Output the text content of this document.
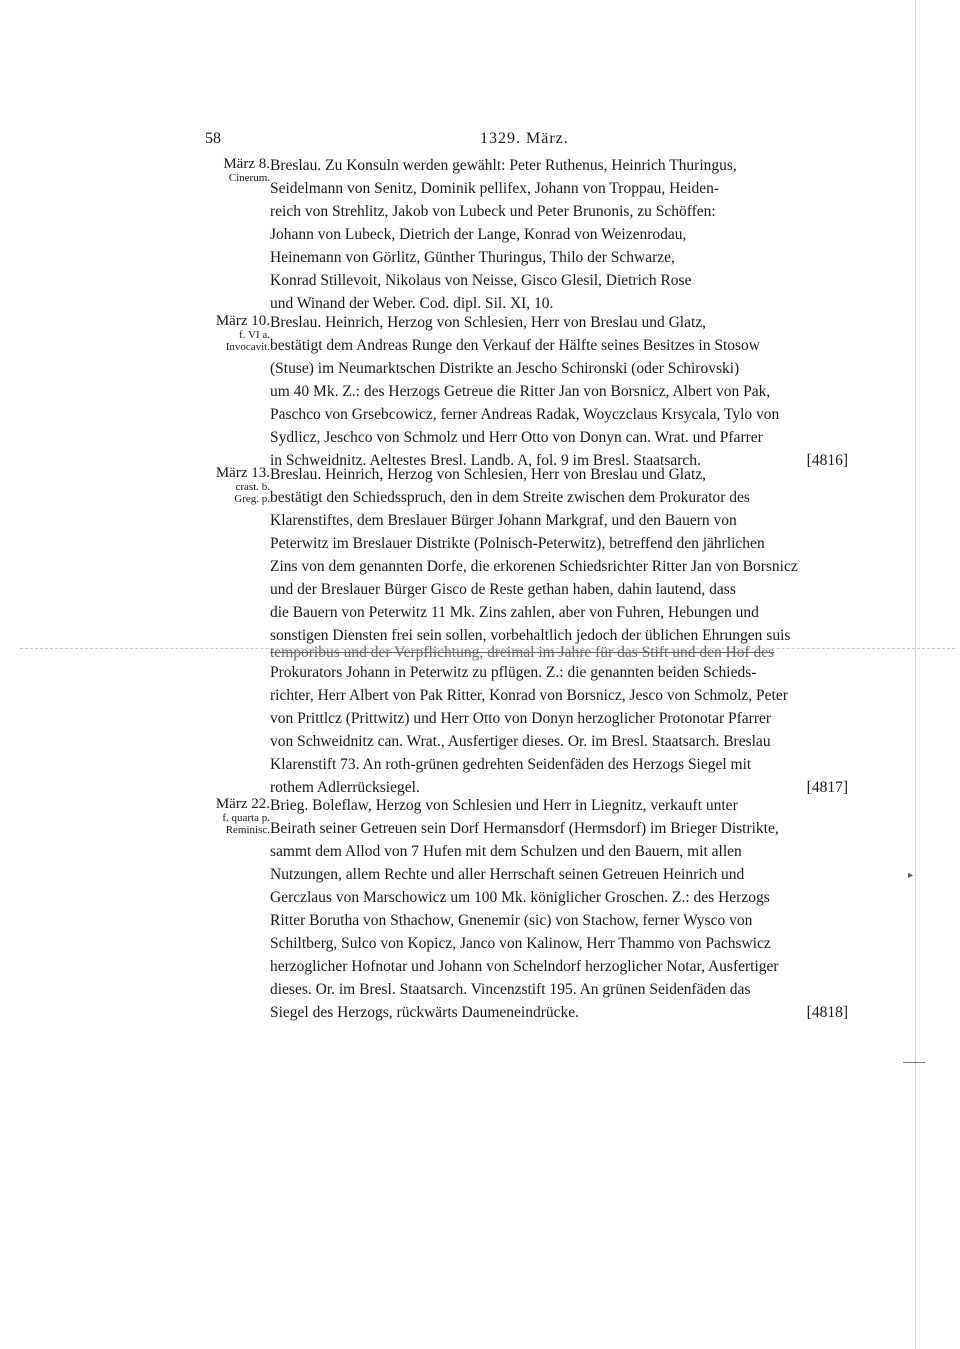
58	1329. März.
März 8.
Cinerum.
Breslau. Zu Konsuln werden gewählt: Peter Ruthenus, Heinrich Thuringus,
Seidelmann von Senitz, Dominik pellifex, Johann von Troppau, Heiden-
reich von Strehlitz, Jakob von Lubeck und Peter Brunonis, zu Schöffen:
Johann von Lubeck, Dietrich der Lange, Konrad von Weizenrodau,
Heinemann von Görlitz, Günther Thuringus, Thilo der Schwarze,
Konrad Stillevoit, Nikolaus von Neisse, Gisco Glesil, Dietrich Rose
und Winand der Weber. Cod. dipl. Sil. XI, 10.
März 10.
f. VI a.
Invocavit.
Breslau. Heinrich, Herzog von Schlesien, Herr von Breslau und Glatz,
bestätigt dem Andreas Runge den Verkauf der Hälfte seines Besitzes in Stosow
(Stuse) im Neumarktschen Distrikte an Jescho Schironski (oder Schirovski)
um 40 Mk. Z.: des Herzogs Getreue die Ritter Jan von Borsnicz, Albert von Pak,
Paschco von Grsebcowicz, ferner Andreas Radak, Woyczclaus Krsycala, Tylo von
Sydlicz, Jeschco von Schmolz und Herr Otto von Donyn can. Wrat. und Pfarrer
in Schweidnitz. Aeltestes Bresl. Landb. A, fol. 9 im Bresl. Staatsarch.	[4816]
März 13.
crast. b.
Greg. p.
Breslau. Heinrich, Herzog von Schlesien, Herr von Breslau und Glatz,
bestätigt den Schiedsspruch, den in dem Streite zwischen dem Prokurator des
Klarenstiftes, dem Breslauer Bürger Johann Markgraf, und den Bauern von
Peterwitz im Breslauer Distrikte (Polnisch-Peterwitz), betreffend den jährlichen
Zins von dem genannten Dorfe, die erkorenen Schiedsrichter Ritter Jan von Borsnicz
und der Breslauer Bürger Gisco de Reste gethan haben, dahin lautend, dass
die Bauern von Peterwitz 11 Mk. Zins zahlen, aber von Fuhren, Hebungen und
sonstigen Diensten frei sein sollen, vorbehaltlich jedoch der üblichen Ehrungen suis
temporibus und der Verpflichtung, dreimal im Jahre für das Stift und den Hof des
Prokurators Johann in Peterwitz zu pflügen. Z.: die genannten beiden Schieds-
richter, Herr Albert von Pak Ritter, Konrad von Borsnicz, Jesco von Schmolz, Peter
von Prittlcz (Prittwitz) und Herr Otto von Donyn herzoglicher Protonotar Pfarrer
von Schweidnitz can. Wrat., Ausfertiger dieses. Or. im Bresl. Staatsarch. Breslau
Klarenstift 73. An roth-grünen gedrehten Seidenfäden des Herzogs Siegel mit
rothem Adlerrücksiegel.	[4817]
März 22.
f. quarta p.
Reminisc.
Brieg. Boleflaw, Herzog von Schlesien und Herr in Liegnitz, verkauft unter
Beirath seiner Getreuen sein Dorf Hermansdorf (Hermsdorf) im Brieger Distrikte,
sammt dem Allod von 7 Hufen mit dem Schulzen und den Bauern, mit allen
Nutzungen, allem Rechte und aller Herrschaft seinen Getreuen Heinrich und
Gerczlaus von Marschowicz um 100 Mk. königlicher Groschen. Z.: des Herzogs
Ritter Borutha von Sthachow, Gnenemir (sic) von Stachow, ferner Wysco von
Schiltberg, Sulco von Kopicz, Janco von Kalinow, Herr Thammo von Pachswicz
herzoglicher Hofnotar und Johann von Schelndorf herzoglicher Notar, Ausfertiger
dieses. Or. im Bresl. Staatsarch. Vincenzstift 195. An grünen Seidenfäden das
Siegel des Herzogs, rückwärts Daumeneindrücke.	[4818]
▸
